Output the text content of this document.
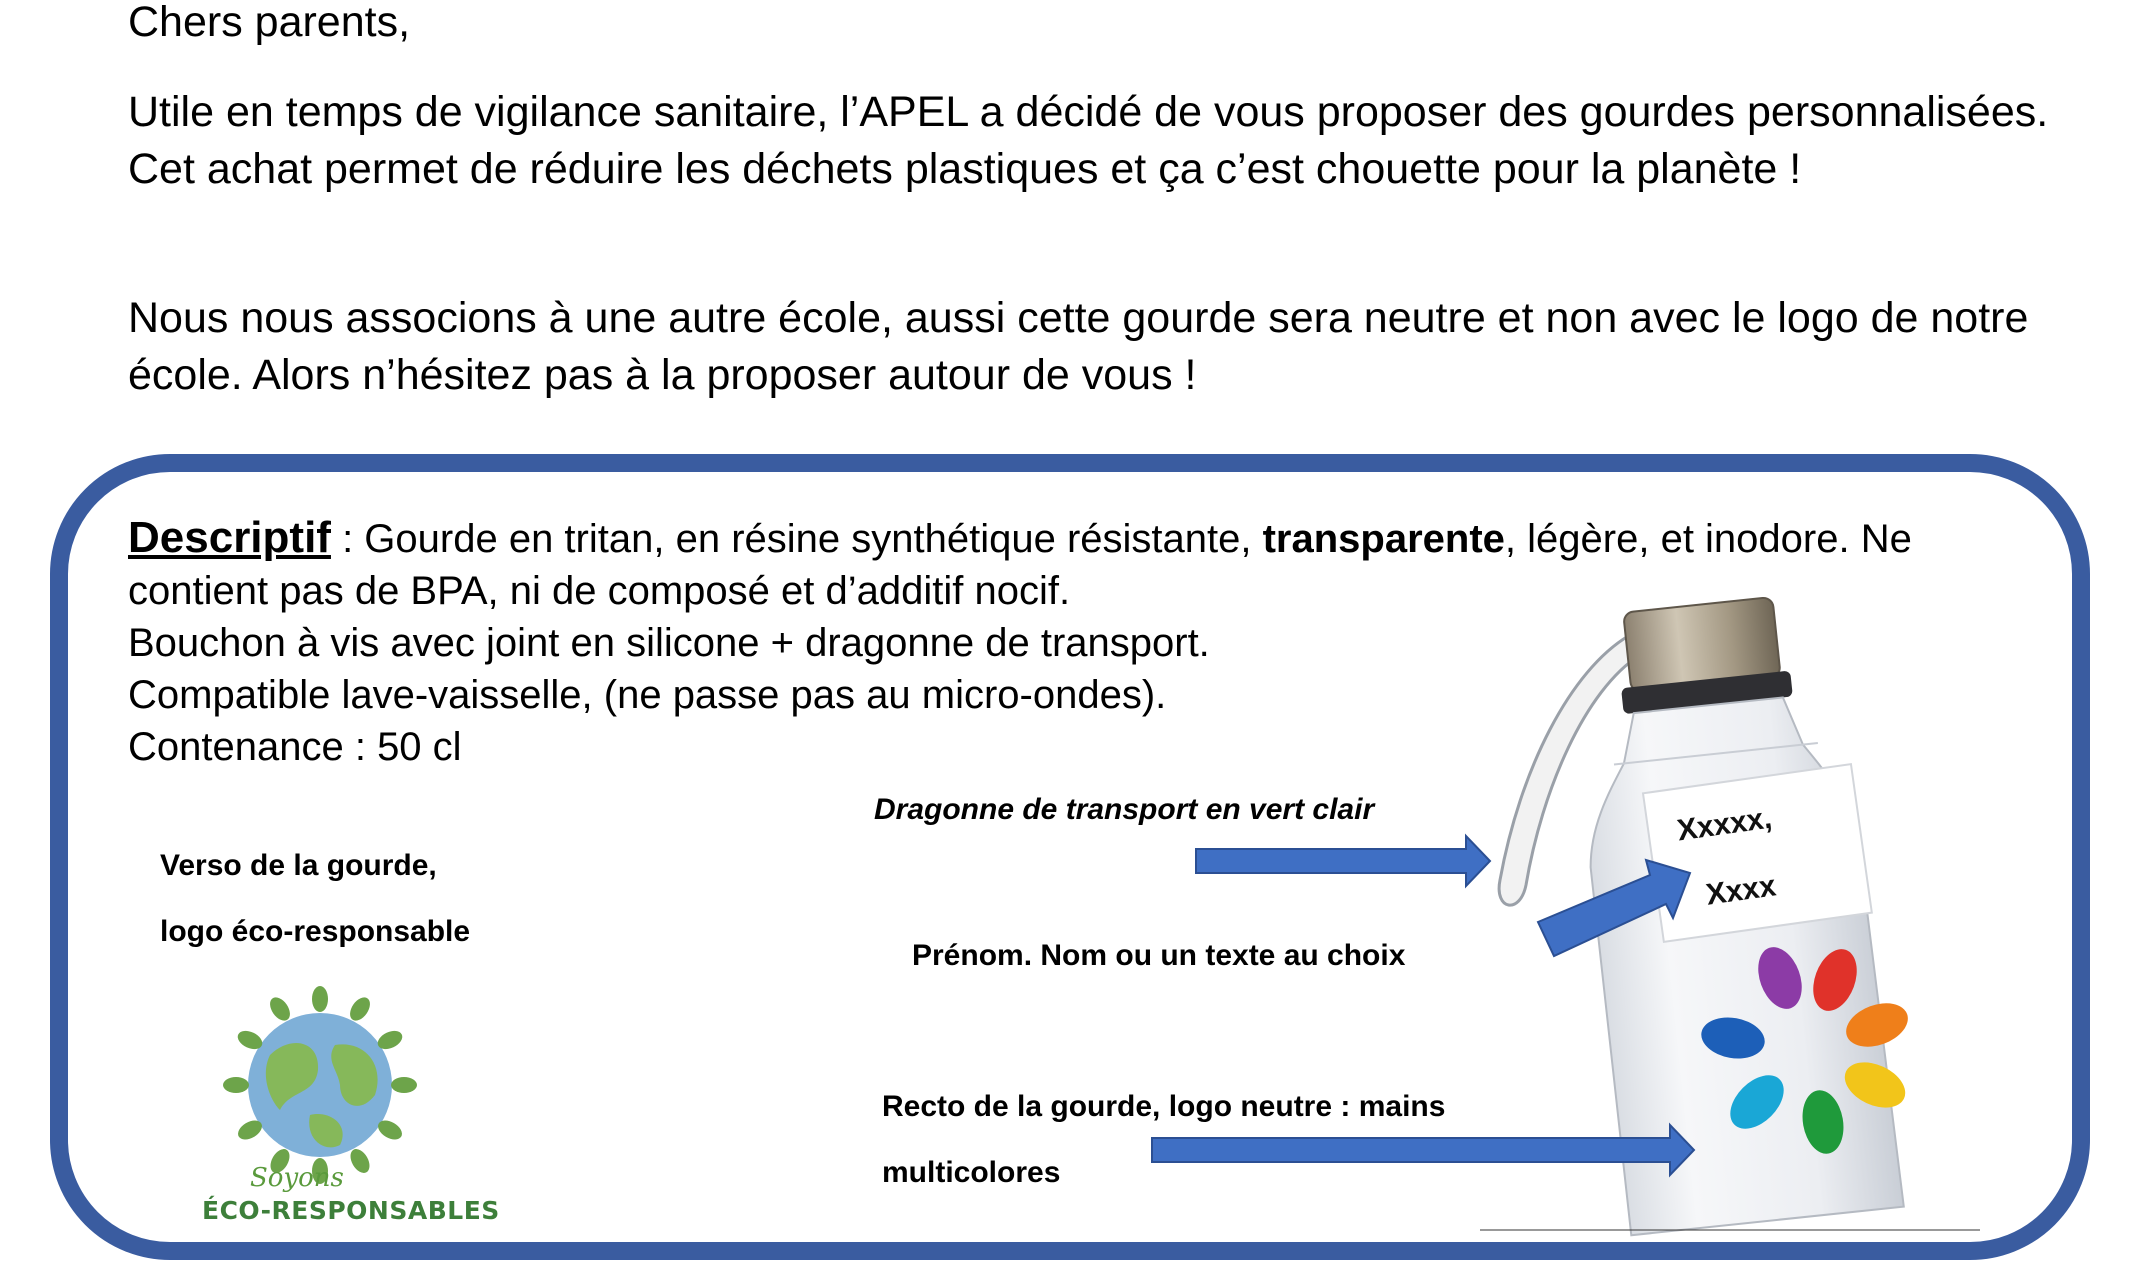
Chers parents,

Utile en temps de vigilance sanitaire, l’APEL a décidé de vous proposer des gourdes personnalisées. Cet achat permet de réduire les déchets plastiques et ça c’est chouette pour la planète !

Nous nous associons à une autre école, aussi cette gourde sera neutre et non avec le logo de notre école. Alors n’hésitez pas à la proposer autour de vous !

Descriptif : Gourde en tritan, en résine synthétique résistante, transparente, légère, et inodore. Ne contient pas de BPA, ni de composé et d’additif nocif.
Bouchon à vis avec joint en silicone + dragonne de transport.
Compatible lave-vaisselle, (ne passe pas au micro-ondes).
Contenance : 50 cl
Verso de la gourde,
logo éco-responsable
Dragonne de transport en vert clair
Prénom. Nom ou un texte au choix
Recto de la gourde, logo neutre : mains
multicolores
Xxxxx,
Xxxx
Soyons
ÉCO-RESPONSABLES
